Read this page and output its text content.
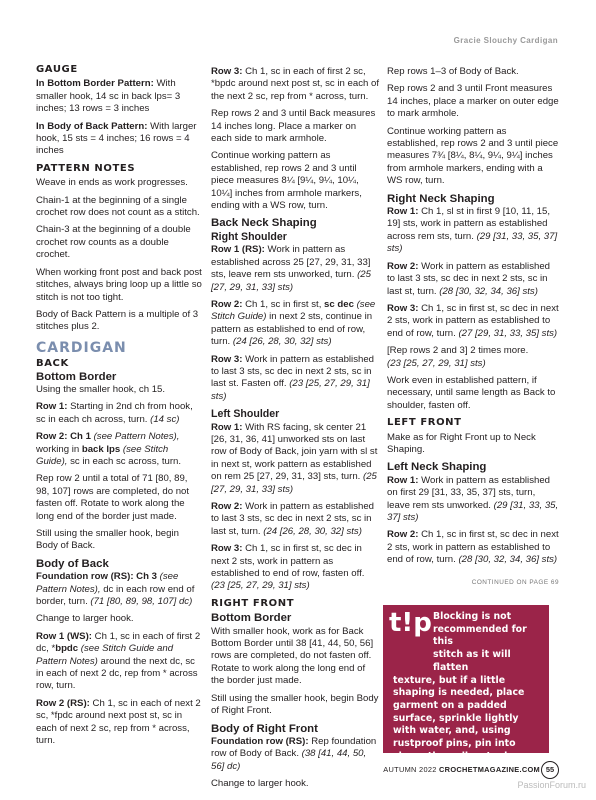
Gracie Slouchy Cardigan
GAUGE

In Bottom Border Pattern: With smaller hook, 14 sc in back lps= 3 inches; 13 rows = 3 inches

In Body of Back Pattern: With larger hook, 15 sts = 4 inches; 16 rows = 4 inches

PATTERN NOTES

Weave in ends as work progresses.

Chain-1 at the beginning of a single crochet row does not count as a stitch.

Chain-3 at the beginning of a double crochet row counts as a double crochet.

When working front post and back post stitches, always bring loop up a little so stitch is not too tight.

Body of Back Pattern is a multiple of 3 stitches plus 2.

CARDIGAN
BACK
Bottom Border

Using the smaller hook, ch 15.

Row 1: Starting in 2nd ch from hook, sc in each ch across, turn. (14 sc)

Row 2: Ch 1 (see Pattern Notes), working in back lps (see Stitch Guide), sc in each sc across, turn.

Rep row 2 until a total of 71 [80, 89, 98, 107] rows are completed, do not fasten off. Rotate to work along the long end of the border just made.

Still using the smaller hook, begin Body of Back.

Body of Back

Foundation row (RS): Ch 3 (see Pattern Notes), dc in each row end of border, turn. (71 [80, 89, 98, 107] dc)

Change to larger hook.

Row 1 (WS): Ch 1, sc in each of first 2 dc, *bpdc (see Stitch Guide and Pattern Notes) around the next dc, sc in each of next 2 dc, rep from * across row, turn.

Row 2 (RS): Ch 1, sc in each of next 2 sc, *fpdc around next post st, sc in each of next 2 sc, rep from * across, turn.

Row 3: Ch 1, sc in each of first 2 sc, *bpdc around next post st, sc in each of the next 2 sc, rep from * across, turn.

Rep rows 2 and 3 until Back measures 14 inches long. Place a marker on each side to mark armhole.

Continue working pattern as established, rep rows 2 and 3 until piece measures 8¼ [9¼, 9¼, 10¼, 10¼] inches from armhole markers, ending with a WS row, turn.

Back Neck Shaping
Right Shoulder

Row 1 (RS): Work in pattern as established across 25 [27, 29, 31, 33] sts, leave rem sts unworked, turn. (25 [27, 29, 31, 33] sts)

Row 2: Ch 1, sc in first st, sc dec (see Stitch Guide) in next 2 sts, continue in pattern as established to end of row, turn. (24 [26, 28, 30, 32] sts)

Row 3: Work in pattern as established to last 3 sts, sc dec in next 2 sts, sc in last st. Fasten off. (23 [25, 27, 29, 31] sts)

Left Shoulder

Row 1: With RS facing, sk center 21 [26, 31, 36, 41] unworked sts on last row of Body of Back, join yarn with sl st in next st, work pattern as established on rem 25 [27, 29, 31, 33] sts, turn. (25 [27, 29, 31, 33] sts)

Row 2: Work in pattern as established to last 3 sts, sc dec in next 2 sts, sc in last st, turn. (24 [26, 28, 30, 32] sts)

Row 3: Ch 1, sc in first st, sc dec in next 2 sts, work in pattern as established to end of row, fasten off. (23 [25, 27, 29, 31] sts)

RIGHT FRONT
Bottom Border

With smaller hook, work as for Back Bottom Border until 38 [41, 44, 50, 56] rows are completed, do not fasten off. Rotate to work along the long end of the border just made.

Still using the smaller hook, begin Body of Right Front.

Body of Right Front

Foundation row (RS): Rep foundation row of Body of Back. (38 [41, 44, 50, 56] dc)

Change to larger hook.

Rep rows 1–3 of Body of Back.

Rep rows 2 and 3 until Front measures 14 inches, place a marker on outer edge to mark armhole.

Continue working pattern as established, rep rows 2 and 3 until piece measures 7¾ [8¼, 8¼, 9¼, 9¼] inches from armhole markers, ending with a WS row, turn.

Right Neck Shaping

Row 1: Ch 1, sl st in first 9 [10, 11, 15, 19] sts, work in pattern as established across rem sts, turn. (29 [31, 33, 35, 37] sts)

Row 2: Work in pattern as established to last 3 sts, sc dec in next 2 sts, sc in last st, turn. (28 [30, 32, 34, 36] sts)

Row 3: Ch 1, sc in first st, sc dec in next 2 sts, work in pattern as established to end of row, turn. (27 [29, 31, 33, 35] sts)

[Rep rows 2 and 3] 2 times more.
(23 [25, 27, 29, 31] sts)

Work even in established pattern, if necessary, until same length as Back to shoulder, fasten off.

LEFT FRONT

Make as for Right Front up to Neck Shaping.

Left Neck Shaping

Row 1: Work in pattern as established on first 29 [31, 33, 35, 37] sts, turn, leave rem sts unworked. (29 [31, 33, 35, 37] sts)

Row 2: Ch 1, sc in first st, sc dec in next 2 sts, work in pattern as established to end of row, turn. (28 [30, 32, 34, 36] sts)

CONTINUED ON PAGE 69
t!p Blocking is not
recommended for this
stitch as it will flatten
texture, but if a little shaping is needed, place garment on a padded surface, sprinkle lightly with water, and, using rustproof pins, pin into shape then allow to dry.
AUTUMN 2022 CROCHETMAGAZINE.COM 55
PassionForum.ru
